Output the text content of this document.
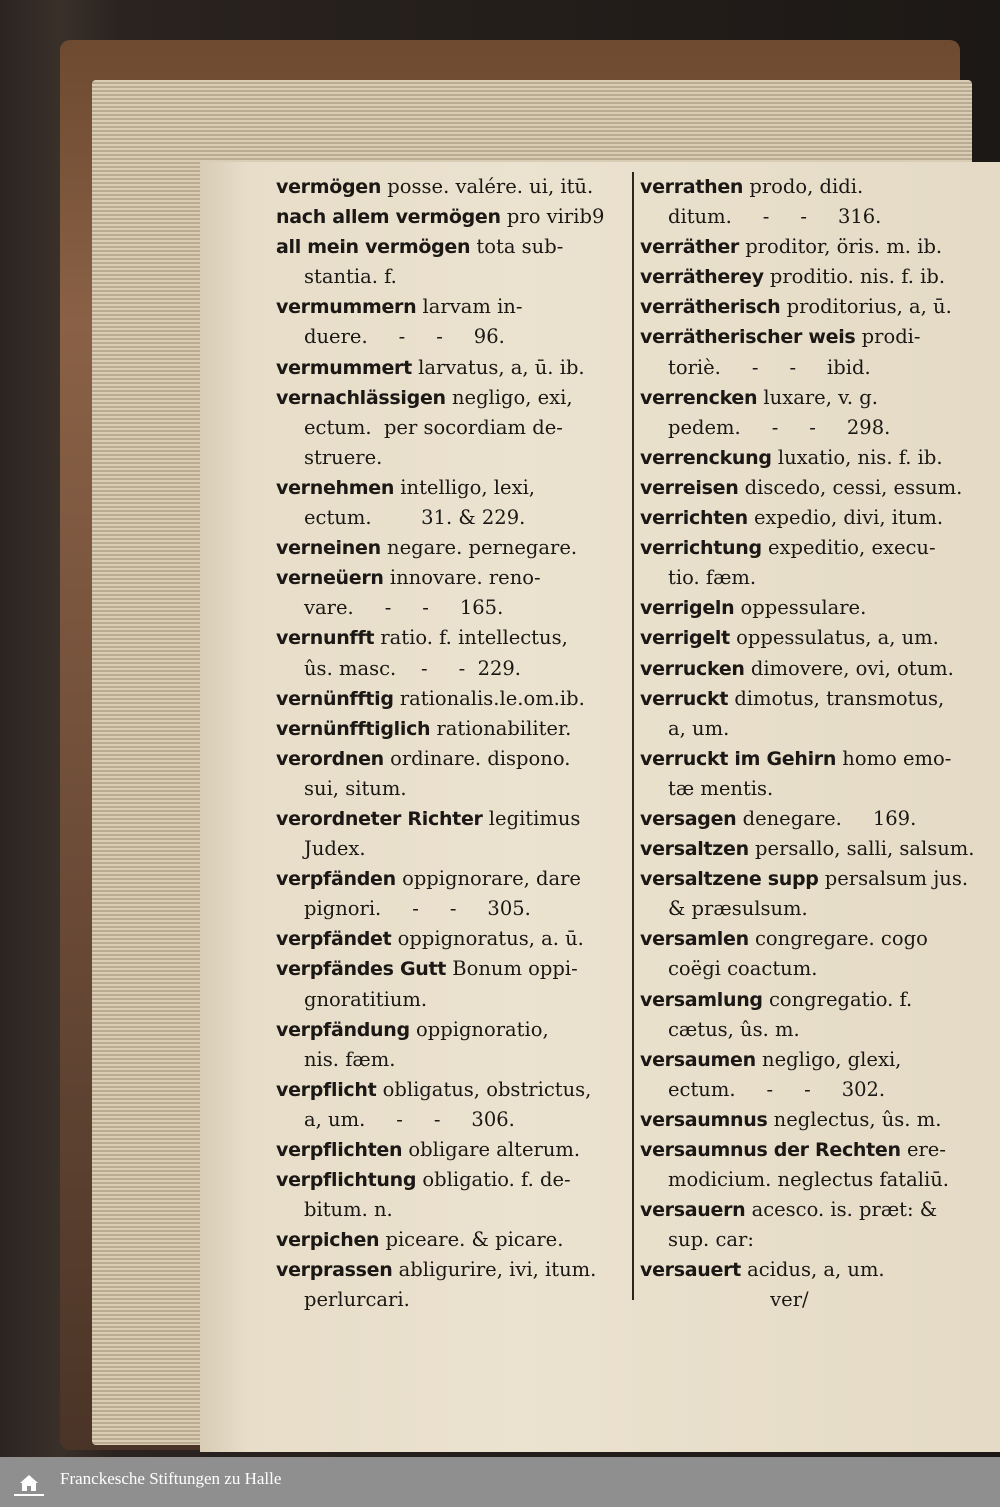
vermögen posse. valére. ui, itū.
nach allem vermögen pro virib9
all mein vermögen tota sub-
stantia. f.
vermummern larvam in-
duere.     -     -     96.
vermummert larvatus, a, ū. ib.
vernachlässigen negligo, exi,
ectum.  per socordiam de-
struere.
vernehmen intelligo, lexi,
ectum.        31. & 229.
verneinen negare. pernegare.
verneüern innovare. reno-
vare.     -     -     165.
vernunfft ratio. f. intellectus,
ûs. masc.    -     -  229.
vernünfftig rationalis.le.om.ib.
vernünfftiglich rationabiliter.
verordnen ordinare. dispono.
sui, situm.
verordneter Richter legitimus
Judex.
verpfänden oppignorare, dare
pignori.     -     -     305.
verpfändet oppignoratus, a. ū.
verpfändes Gutt Bonum oppi-
gnoratitium.
verpfändung oppignoratio,
nis. fæm.
verpflicht obligatus, obstrictus,
a, um.     -     -     306.
verpflichten obligare alterum.
verpflichtung obligatio. f. de-
bitum. n.
verpichen piceare. & picare.
verprassen abligurire, ivi, itum.
perlurcari.
verrathen prodo, didi.
ditum.     -     -     316.
verräther proditor, öris. m. ib.
verrätherey proditio. nis. f. ib.
verrätherisch proditorius, a, ū.
verrätherischer weis prodi-
toriè.     -     -     ibid.
verrencken luxare, v. g.
pedem.     -     -     298.
verrenckung luxatio, nis. f. ib.
verreisen discedo, cessi, essum.
verrichten expedio, divi, itum.
verrichtung expeditio, execu-
tio. fæm.
verrigeln oppessulare.
verrigelt oppessulatus, a, um.
verrucken dimovere, ovi, otum.
verruckt dimotus, transmotus,
a, um.
verruckt im Gehirn homo emo-
tæ mentis.
versagen denegare.     169.
versaltzen persallo, salli, salsum.
versaltzene supp persalsum jus.
& præsulsum.
versamlen congregare. cogo
coëgi coactum.
versamlung congregatio. f.
cætus, ûs. m.
versaumen negligo, glexi,
ectum.     -     -     302.
versaumnus neglectus, ûs. m.
versaumnus der Rechten ere-
modicium. neglectus fataliū.
versauern acesco. is. præt: &
sup. car:
versauert acidus, a, um.
ver/
Franckesche Stiftungen zu Halle
